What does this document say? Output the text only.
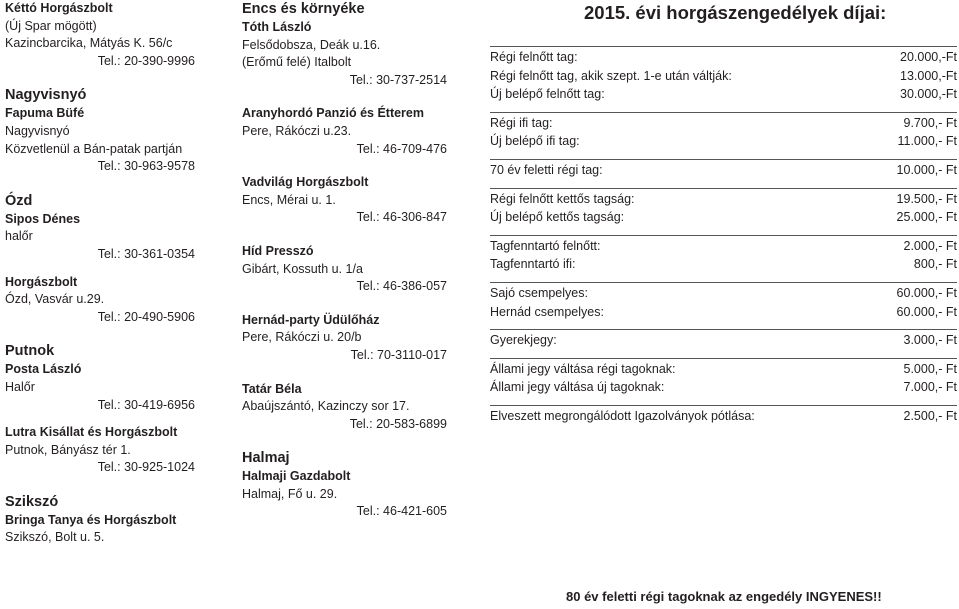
Kéttó Horgászbolt
(Új Spar mögött)
Kazincbarcika, Mátyás K. 56/c
Tel.: 20-390-9996
Nagyvisnyó
Fapuma Büfé
Nagyvisnyó
Közvetlenül a Bán-patak partján
Tel.: 30-963-9578
Ózd
Sipos Dénes
halőr
Tel.: 30-361-0354
Horgászbolt
Ózd, Vasvár u.29.
Tel.: 20-490-5906
Putnok
Posta László
Halőr
Tel.: 30-419-6956
Lutra Kisállat és Horgászbolt
Putnok, Bányász tér 1.
Tel.: 30-925-1024
Szikszó
Bringa Tanya és Horgászbolt
Szikszó, Bolt u. 5.
Encs és környéke
Tóth László
Felsődobsza, Deák u.16.
(Erőmű felé) Italbolt
Tel.: 30-737-2514
Aranyhordó Panzió és Étterem
Pere, Rákóczi u.23.
Tel.: 46-709-476
Vadvilág Horgászbolt
Encs, Mérai u. 1.
Tel.: 46-306-847
Híd Presszó
Gibárt, Kossuth u. 1/a
Tel.: 46-386-057
Hernád-party Üdülőház
Pere, Rákóczi u. 20/b
Tel.: 70-3110-017
Tatár Béla
Abaújszántó, Kazinczy sor 17.
Tel.: 20-583-6899
Halmaj
Halmaji Gazdabolt
Halmaj, Fő u. 29.
Tel.: 46-421-605
2015. évi horgászengedélyek díjai:
Régi felnőtt tag:	20.000,-Ft
Régi felnőtt tag, akik szept. 1-e után váltják:	13.000,-Ft
Új belépő felnőtt tag:	30.000,-Ft
Régi ifi tag:	9.700,- Ft
Új belépő ifi tag:	11.000,- Ft
70 év feletti régi tag:	10.000,- Ft
Régi felnőtt kettős tagság:	19.500,- Ft
Új belépő kettős tagság:	25.000,- Ft
Tagfenntartó felnőtt:	2.000,- Ft
Tagfenntartó ifi:	800,- Ft
Sajó csempelyes:	60.000,- Ft
Hernád csempelyes:	60.000,- Ft
Gyerekjegy:	3.000,- Ft
Állami jegy váltása régi tagoknak:	5.000,- Ft
Állami jegy váltása új tagoknak:	7.000,- Ft
Elveszett megrongálódott Igazolványok pótlása:	2.500,- Ft
80 év feletti régi tagoknak az engedély INGYENES!!
